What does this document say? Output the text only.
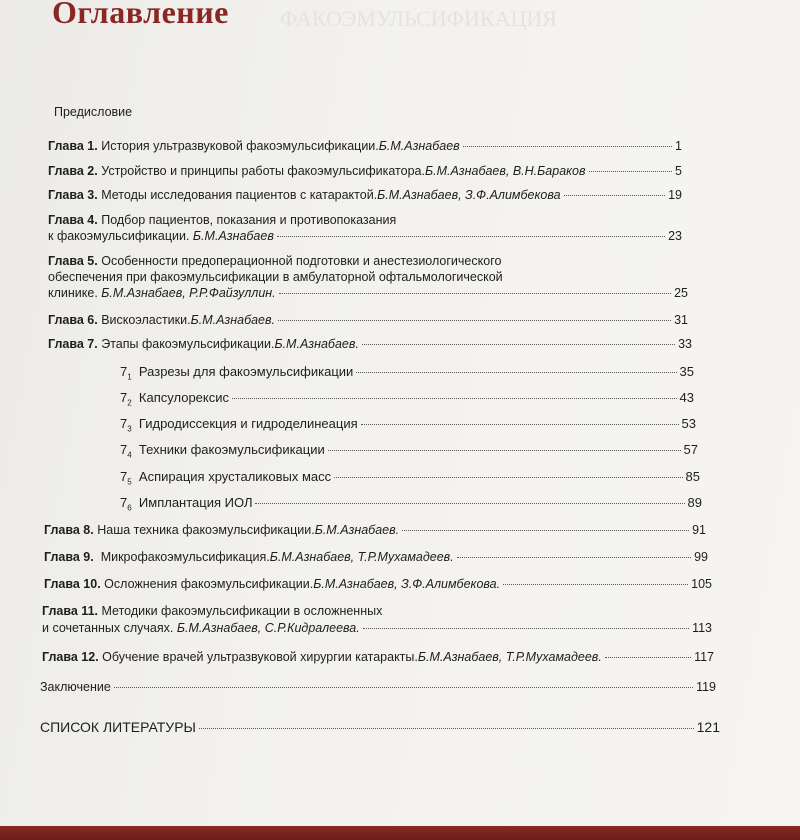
ФАКОЭМУЛЬСИФИКАЦИЯ
Оглавление
Предисловие
Глава 1. История ультразвуковой факоэмульсификации. Б.М.Азнабаев	1
Глава 2. Устройство и принципы работы факоэмульсификатора. Б.М.Азнабаев, В.Н.Бараков	5
Глава 3. Методы исследования пациентов с катарактой. Б.М.Азнабаев, З.Ф.Алимбекова	19
Глава 4. Подбор пациентов, показания и противопоказания
к факоэмульсификации.
Б.М.Азнабаев	23
Глава 5. Особенности предоперационной подготовки и анестезиологического
обеспечения при факоэмульсификации в амбулаторной офтальмологической
клинике.
Б.М.Азнабаев, Р.Р.Файзуллин.	25
Глава 6. Вискоэластики. Б.М.Азнабаев.	31
Глава 7. Этапы факоэмульсификации. Б.М.Азнабаев.	33
$7_1$ Разрезы для факоэмульсификации	35
$7_2$ Капсулорексис	43
$7_3$ Гидродиссекция и гидроделинеация	53
$7_4$ Техники факоэмульсификации	57
$7_5$ Аспирация хрусталиковых масс	85
$7_6$ Имплантация ИОЛ	89
Глава 8. Наша техника факоэмульсификации. Б.М.Азнабаев.	91
Глава 9. Микрофакоэмульсификация. Б.М.Азнабаев, Т.Р.Мухамадеев.	99
Глава 10. Осложнения факоэмульсификации. Б.М.Азнабаев, З.Ф.Алимбекова.	105
Глава 11. Методики факоэмульсификации в осложненных
и сочетанных случаях.
Б.М.Азнабаев, С.Р.Кидралеева.	113
Глава 12. Обучение врачей ультразвуковой хирургии катаракты. Б.М.Азнабаев, Т.Р.Мухамадеев.	117
Заключение	119
СПИСОК ЛИТЕРАТУРЫ	121
